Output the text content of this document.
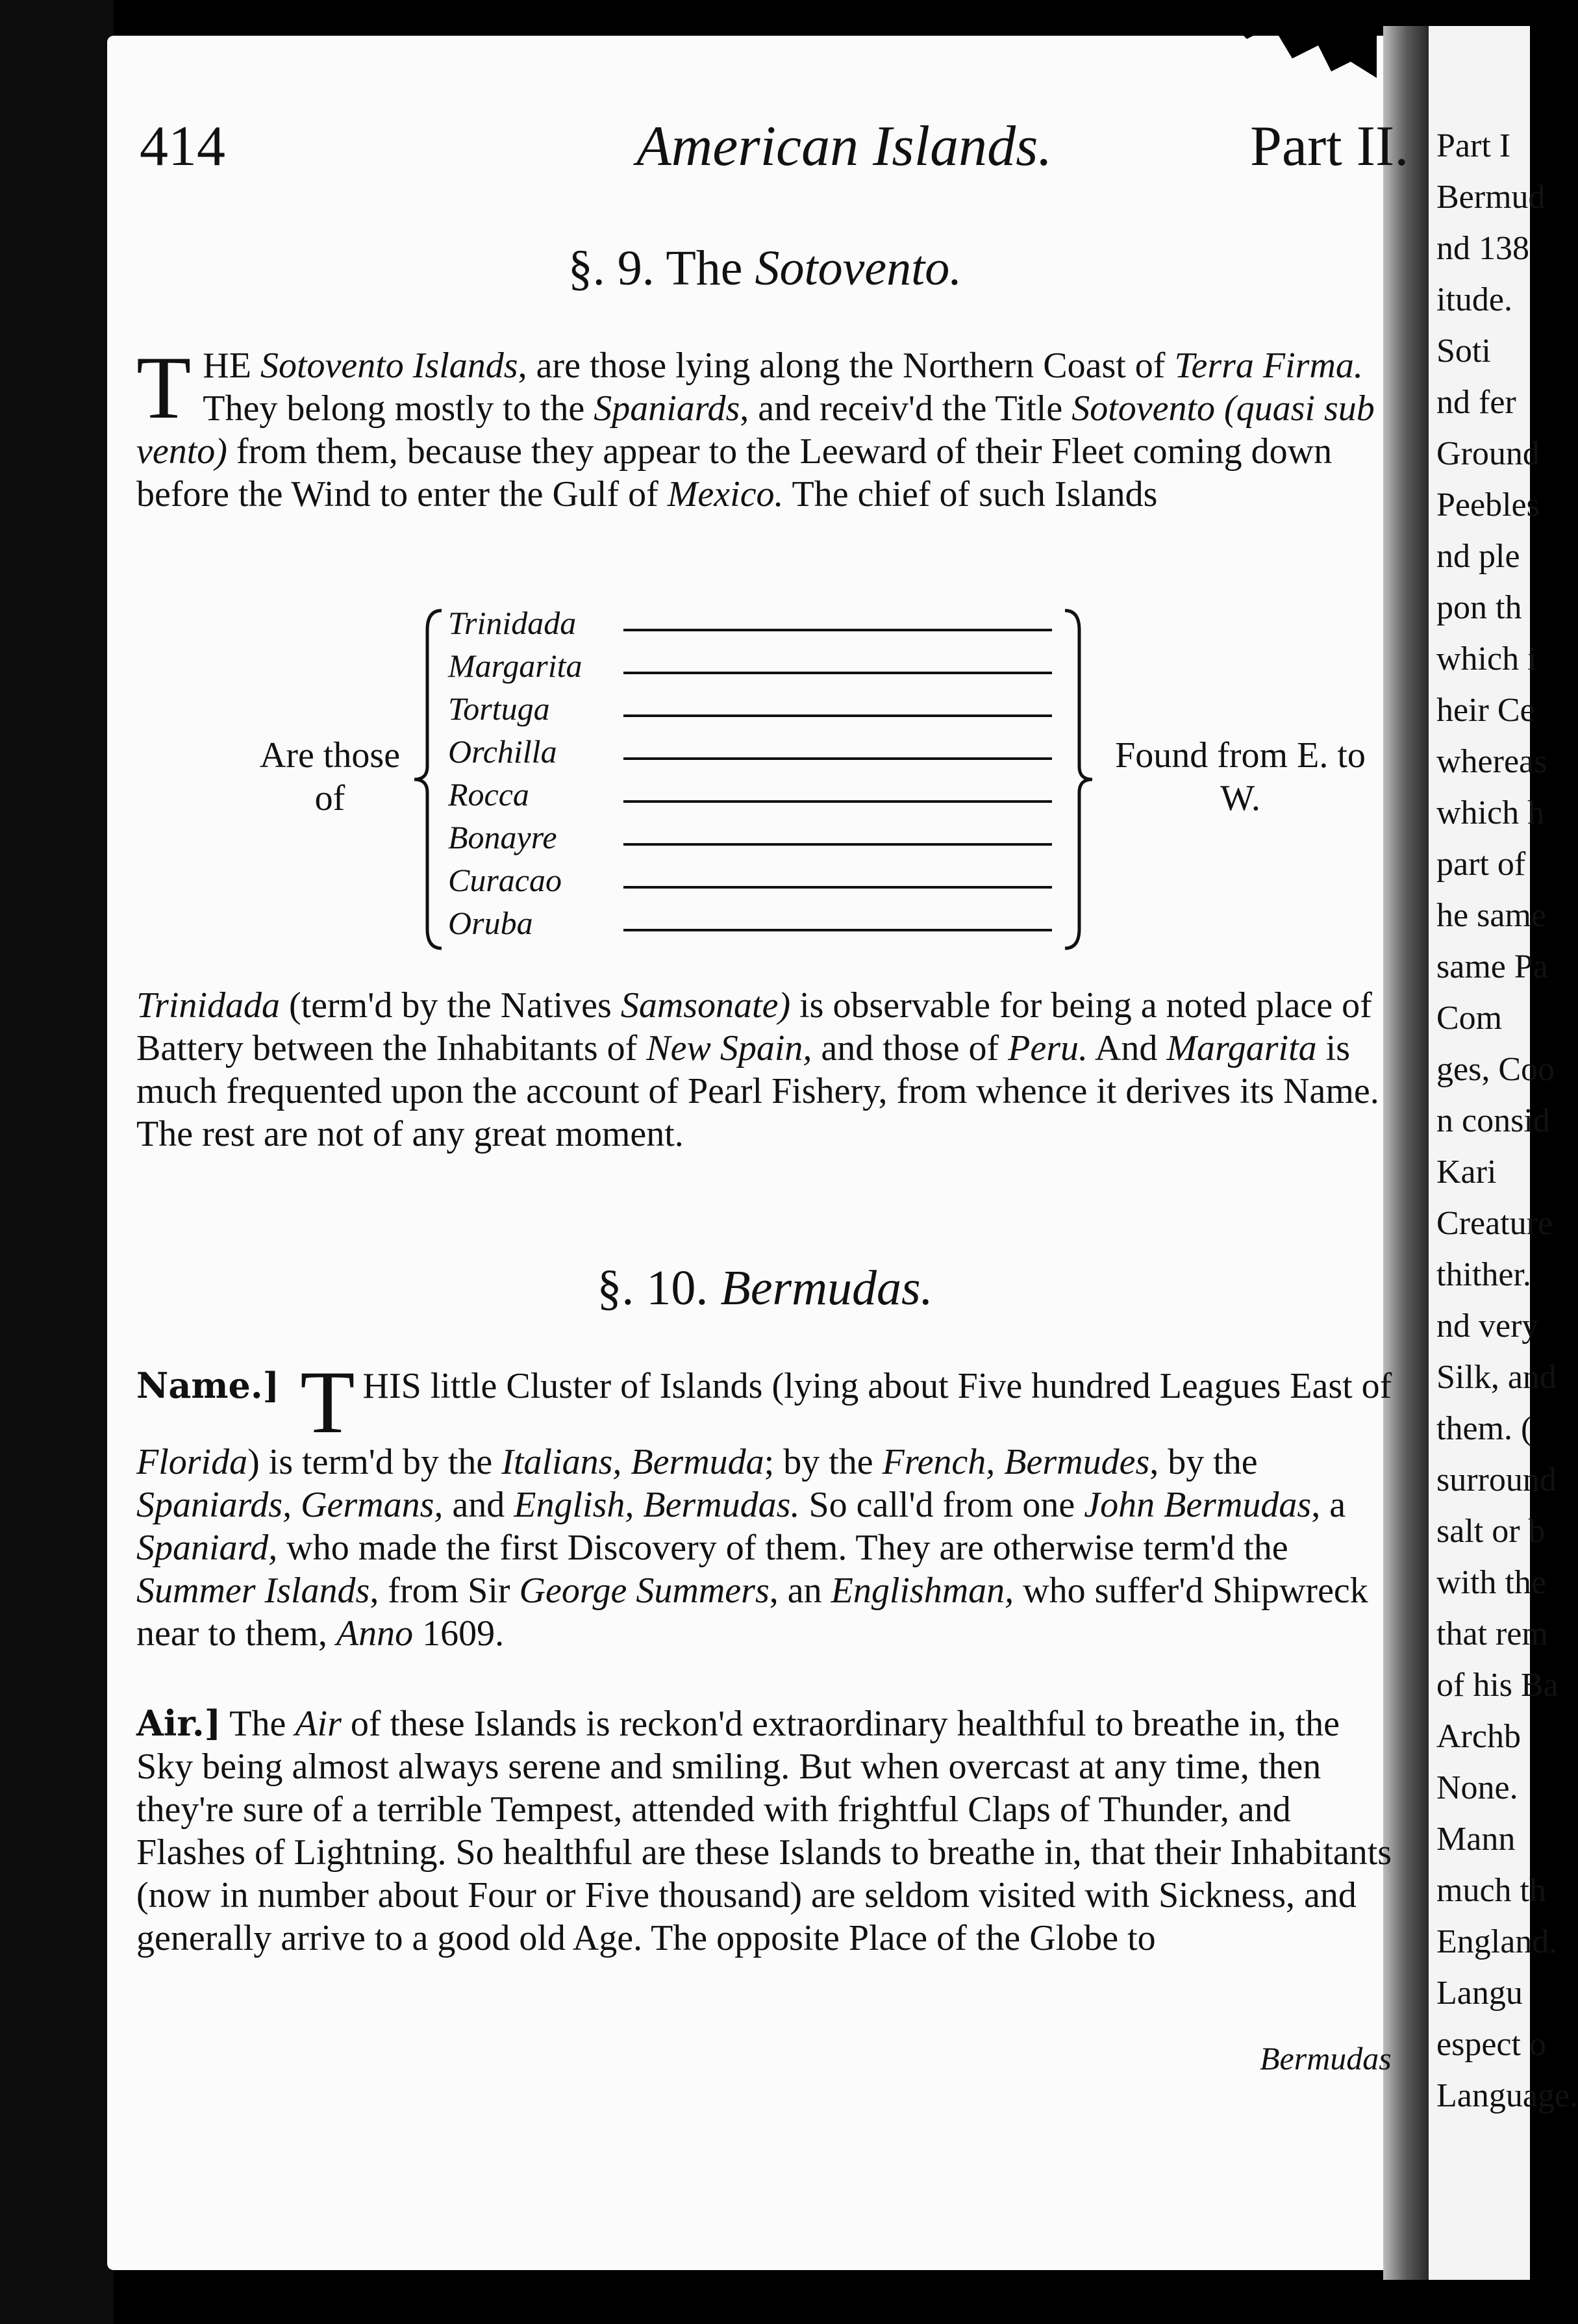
414	American Islands.	Part II.
§. 9. The Sotovento.
THE Sotovento Islands, are those lying along the Northern Coast of Terra Firma. They belong mostly to the Spaniards, and receiv'd the Title Sotovento (quasi sub vento) from them, because they appear to the Leeward of their Fleet coming down before the Wind to enter the Gulf of Mexico. The chief of such Islands
Are those of
Trinidada
Margarita
Tortuga
Orchilla
Rocca
Bonayre
Curacao
Oruba
Found from E. to W.
Trinidada (term'd by the Natives Samsonate) is observable for being a noted place of Battery between the Inhabitants of New Spain, and those of Peru. And Margarita is much frequented upon the account of Pearl Fishery, from whence it derives its Name. The rest are not of any great moment.
§. 10. Bermudas.
Name.] T HIS little Cluster of Islands (lying about Five hundred Leagues East of Florida) is term'd by the Italians, Bermuda; by the French, Bermudes, by the Spaniards, Germans, and English, Bermudas. So call'd from one John Bermudas, a Spaniard, who made the first Discovery of them. They are otherwise term'd the Summer Islands, from Sir George Summers, an Englishman, who suffer'd Shipwreck near to them, Anno 1609.
Air.] The Air of these Islands is reckon'd extraordinary healthful to breathe in, the Sky being almost always serene and smiling. But when overcast at any time, then they're sure of a terrible Tempest, attended with frightful Claps of Thunder, and Flashes of Lightning. So healthful are these Islands to breathe in, that their Inhabitants (now in number about Four or Five thousand) are seldom visited with Sickness, and generally arrive to a good old Age. The opposite Place of the Globe to
Bermudas
Part I
Bermud
nd 138
itude.
Soti
nd fer
Ground
Peebles
nd ple
pon th
which i
heir Ce
whereas
which h
part of
he same
same Pa
Com
ges, Coo
n consid
Kari
Creature
thither.
nd very
Silk, and
them. (
surround
salt or b
with the
that rem
of his Ba
Archb
None.
Mann
much th
England.
Langu
espect o
Language.
